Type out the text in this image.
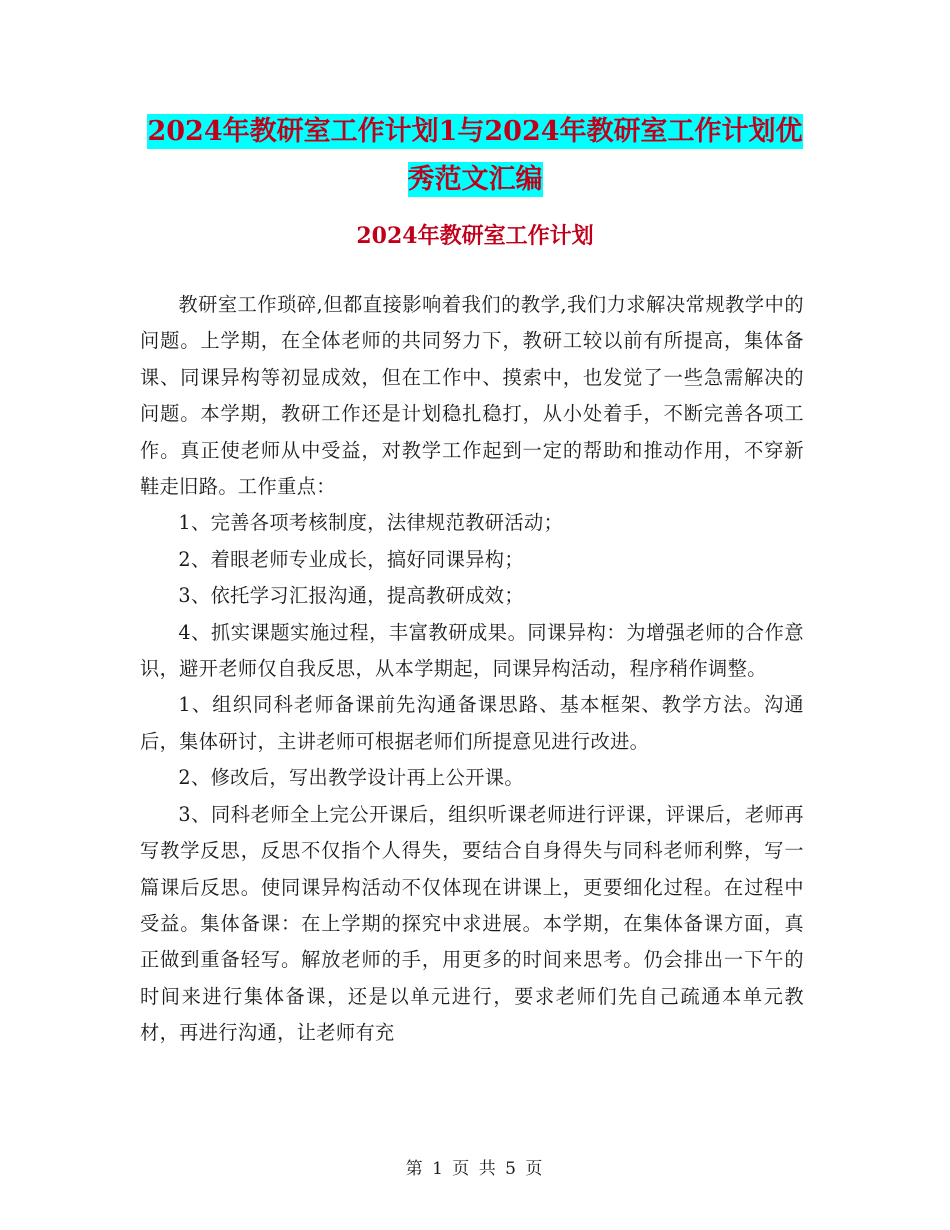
2024年教研室工作计划1与2024年教研室工作计划优
秀范文汇编
2024年教研室工作计划

教研室工作琐碎,但都直接影响着我们的教学,我们力求解决常规教学中的问题。上学期，在全体老师的共同努力下，教研工较以前有所提高，集体备课、同课异构等初显成效，但在工作中、摸索中，也发觉了一些急需解决的问题。本学期，教研工作还是计划稳扎稳打，从小处着手，不断完善各项工作。真正使老师从中受益，对教学工作起到一定的帮助和推动作用，不穿新鞋走旧路。工作重点：

1、完善各项考核制度，法律规范教研活动；

2、着眼老师专业成长，搞好同课异构；

3、依托学习汇报沟通，提高教研成效；

4、抓实课题实施过程，丰富教研成果。同课异构：为增强老师的合作意识，避开老师仅自我反思，从本学期起，同课异构活动，程序稍作调整。

1、组织同科老师备课前先沟通备课思路、基本框架、教学方法。沟通后，集体研讨，主讲老师可根据老师们所提意见进行改进。

2、修改后，写出教学设计再上公开课。

3、同科老师全上完公开课后，组织听课老师进行评课，评课后，老师再写教学反思，反思不仅指个人得失，要结合自身得失与同科老师利弊，写一篇课后反思。使同课异构活动不仅体现在讲课上，更要细化过程。在过程中受益。集体备课：在上学期的探究中求进展。本学期，在集体备课方面，真正做到重备轻写。解放老师的手，用更多的时间来思考。仍会排出一下午的时间来进行集体备课，还是以单元进行，要求老师们先自己疏通本单元教材，再进行沟通，让老师有充

第 1 页 共 5 页
